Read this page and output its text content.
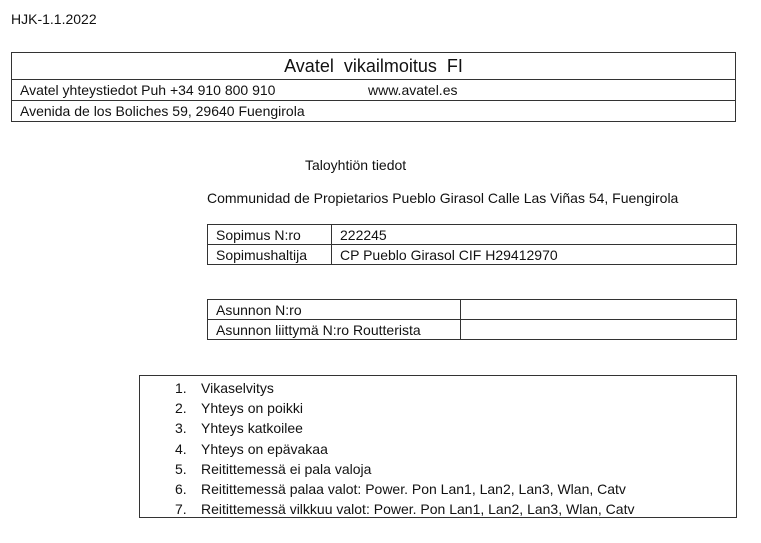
HJK-1.1.2022
Avatel  vikailmoitus  FI
Avatel yhteystiedot Puh +34 910 800 910	www.avatel.es
Avenida de los Boliches 59, 29640 Fuengirola
Taloyhtiön tiedot
Communidad de Propietarios Pueblo Girasol Calle Las Viñas 54, Fuengirola
Sopimus N:ro	222245
Sopimushaltija	CP Pueblo Girasol CIF H29412970
Asunnon N:ro	
Asunnon liittymä N:ro Routterista	
1.	Vikaselvitys
2.	Yhteys on poikki
3.	Yhteys katkoilee
4.	Yhteys on epävakaa
5.	Reitittemessä ei pala valoja
6.	Reitittemessä palaa valot: Power. Pon Lan1, Lan2, Lan3, Wlan, Catv
7.	Reitittemessä vilkkuu valot: Power. Pon Lan1, Lan2, Lan3, Wlan, Catv
